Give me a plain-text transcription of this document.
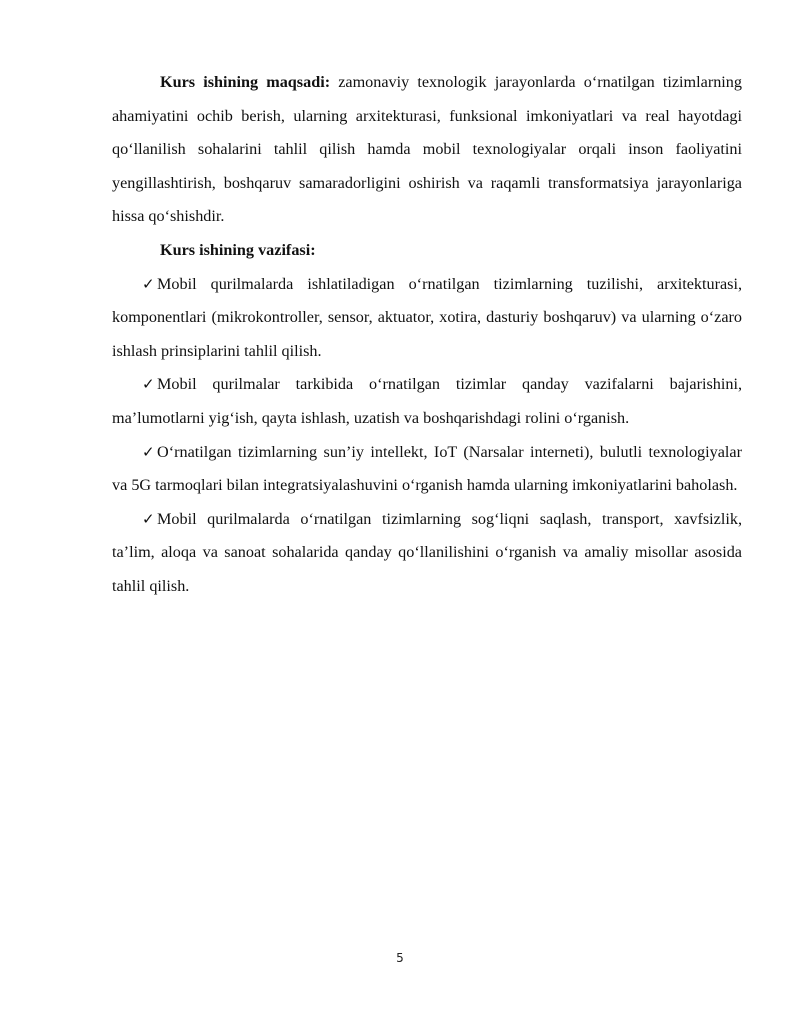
Kurs ishining maqsadi: zamonaviy texnologik jarayonlarda o‘rnatilgan tizimlarning ahamiyatini ochib berish, ularning arxitekturasi, funksional imkoniyatlari va real hayotdagi qo‘llanilish sohalarini tahlil qilish hamda mobil texnologiyalar orqali inson faoliyatini yengillashtirish, boshqaruv samaradorligini oshirish va raqamli transformatsiya jarayonlariga hissa qo‘shishdir.

Kurs ishining vazifasi:

✓ Mobil qurilmalarda ishlatiladigan o‘rnatilgan tizimlarning tuzilishi, arxitekturasi, komponentlari (mikrokontroller, sensor, aktuator, xotira, dasturiy boshqaruv) va ularning o‘zaro ishlash prinsiplarini tahlil qilish.

✓ Mobil qurilmalar tarkibida o‘rnatilgan tizimlar qanday vazifalarni bajarishini, ma’lumotlarni yig‘ish, qayta ishlash, uzatish va boshqarishdagi rolini o‘rganish.

✓ O‘rnatilgan tizimlarning sun’iy intellekt, IoT (Narsalar interneti), bulutli texnologiyalar va 5G tarmoqlari bilan integratsiyalashuvini o‘rganish hamda ularning imkoniyatlarini baholash.

✓ Mobil qurilmalarda o‘rnatilgan tizimlarning sog‘liqni saqlash, transport, xavfsizlik, ta’lim, aloqa va sanoat sohalarida qanday qo‘llanilishini o‘rganish va amaliy misollar asosida tahlil qilish.

5
